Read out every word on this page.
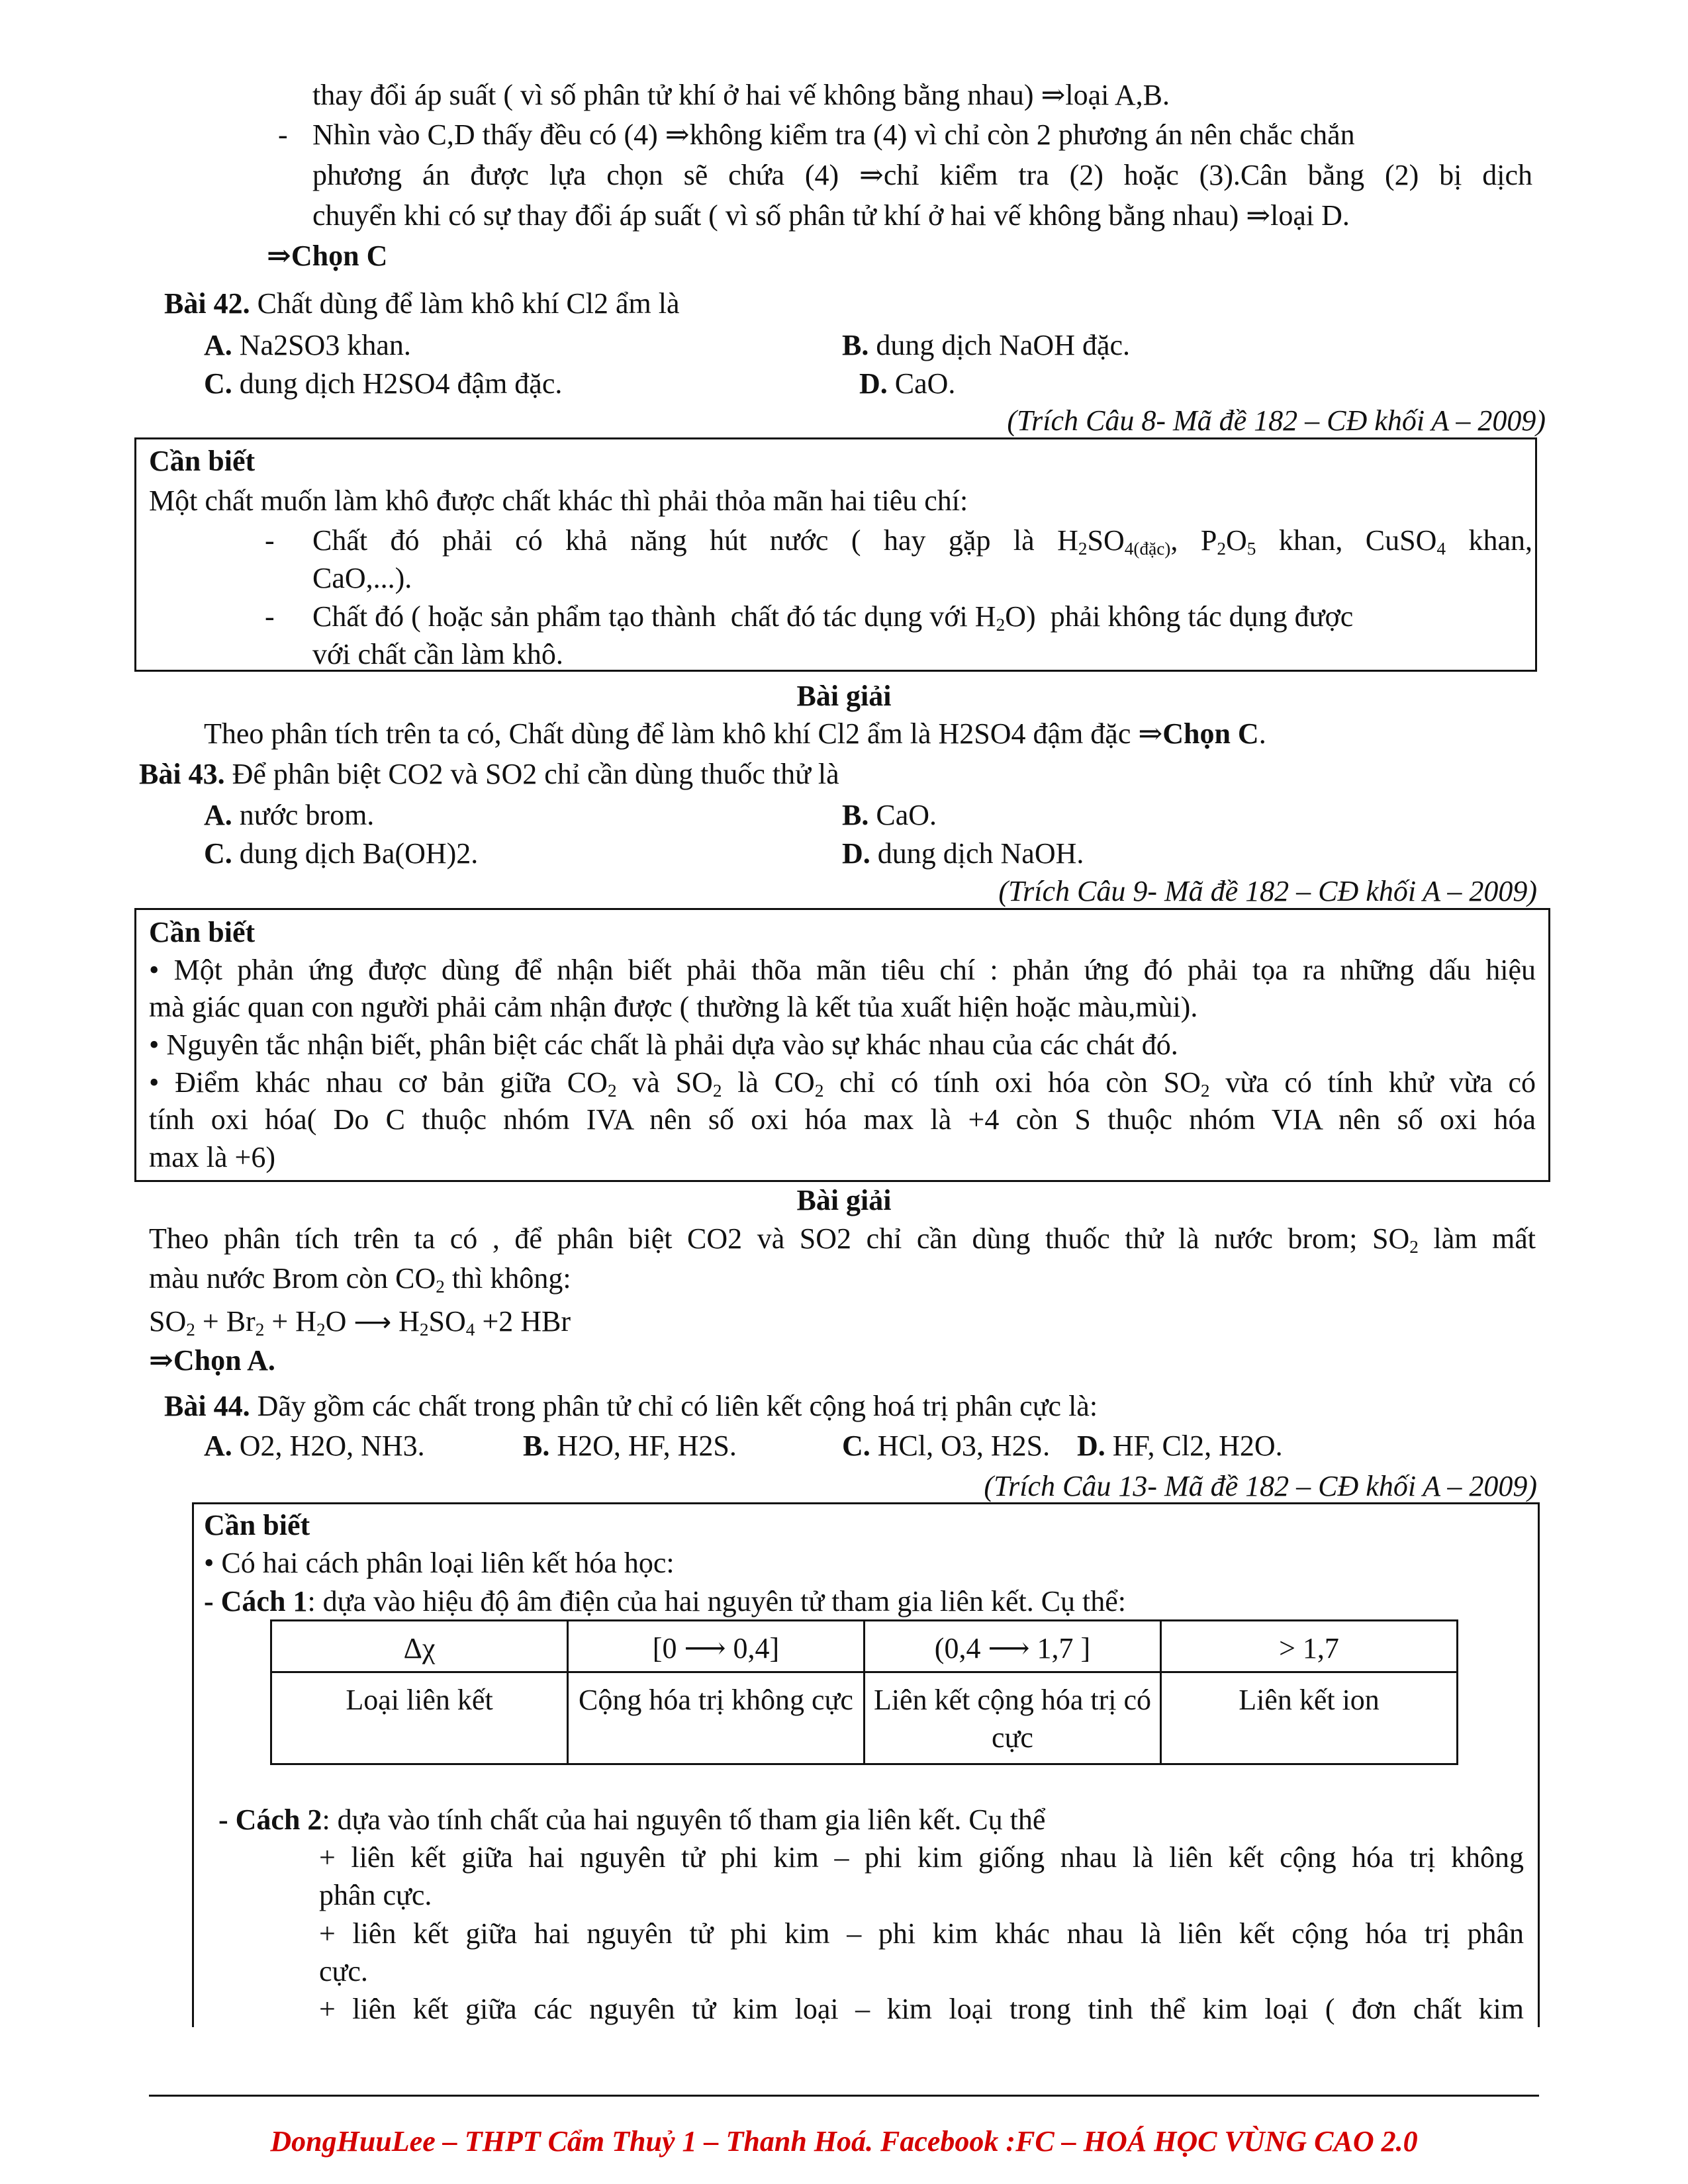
thay đổi áp suất ( vì số phân tử khí ở hai vế không bằng nhau) ⇒loại A,B.
- Nhìn vào C,D thấy đều có (4) ⇒không kiểm tra (4) vì chỉ còn 2 phương án nên chắc chắn
phương án được lựa chọn sẽ chứa (4) ⇒chỉ kiểm tra (2) hoặc (3).Cân bằng (2) bị dịch
chuyển khi có sự thay đổi áp suất ( vì số phân tử khí ở hai vế không bằng nhau) ⇒loại D.
⇒Chọn C
Bài 42. Chất dùng để làm khô khí Cl2 ẩm là
A. Na2SO3 khan.	B. dung dịch NaOH đặc.
C. dung dịch H2SO4 đậm đặc.	D. CaO.
(Trích Câu 8- Mã đề 182 – CĐ khối A – 2009)
Cần biết
Một chất muốn làm khô được chất khác thì phải thỏa mãn hai tiêu chí:
- Chất đó phải có khả năng hút nước ( hay gặp là $H_2SO_{4(đặc)}$, $P_2O_5$ khan, CuSO$_4$ khan,
CaO,...).
- Chất đó ( hoặc sản phẩm tạo thành  chất đó tác dụng với $H_2O$)  phải không tác dụng được
với chất cần làm khô.
Bài giải
Theo phân tích trên ta có, Chất dùng để làm khô khí Cl2 ẩm là H2SO4 đậm đặc ⇒Chọn C.
Bài 43. Để phân biệt CO2 và SO2 chỉ cần dùng thuốc thử là
A. nước brom.	B. CaO.
C. dung dịch Ba(OH)2.	D. dung dịch NaOH.
(Trích Câu 9- Mã đề 182 – CĐ khối A – 2009)
Cần biết
• Một phản ứng được dùng để nhận biết phải thõa mãn tiêu chí : phản ứng đó phải tọa ra những dấu hiệu
mà giác quan con người phải cảm nhận được ( thường là kết tủa xuất hiện hoặc màu,mùi).
• Nguyên tắc nhận biết, phân biệt các chất là phải dựa vào sự khác nhau của các chát đó.
• Điểm khác nhau cơ bản giữa $CO_2$ và $SO_2$ là $CO_2$ chỉ có tính oxi hóa còn $SO_2$ vừa có tính khử vừa có
tính oxi hóa( Do C thuộc nhóm IVA nên số oxi hóa max là +4 còn S thuộc nhóm VIA nên số oxi hóa
max là +6)
Bài giải
Theo phân tích trên ta có , để phân biệt CO2 và SO2 chỉ cần dùng thuốc thử là nước brom; $SO_2$ làm mất
màu nước Brom còn $CO_2$ thì không:
$SO_2 + Br_2 + H_2O$ ⟶ $H_2SO_4 +2$ HBr
⇒Chọn A.
Bài 44. Dãy gồm các chất trong phân tử chỉ có liên kết cộng hoá trị phân cực là:
A. O2, H2O, NH3.	B. H2O, HF, H2S.	C. HCl, O3, H2S. D. HF, Cl2, H2O.
(Trích Câu 13- Mã đề 182 – CĐ khối A – 2009)
Cần biết
• Có hai cách phân loại liên kết hóa học:
- Cách 1: dựa vào hiệu độ âm điện của hai nguyên tử tham gia liên kết. Cụ thể:
Δχ	[0 ⟶ 0,4]	(0,4 ⟶ 1,7 ]	> 1,7
Loại liên kết	Cộng hóa trị không cực	Liên kết cộng hóa trị có cực	Liên kết ion
- Cách 2: dựa vào tính chất của hai nguyên tố tham gia liên kết. Cụ thể
+ liên kết giữa hai nguyên tử phi kim – phi kim giống nhau là liên kết cộng hóa trị không
phân cực.
+ liên kết giữa hai nguyên tử phi kim – phi kim khác nhau là liên kết cộng hóa trị phân
cực.
+ liên kết giữa các nguyên tử kim loại – kim loại trong tinh thể kim loại ( đơn chất kim
DongHuuLee – THPT Cẩm Thuỷ 1 – Thanh Hoá. Facebook :FC – HOÁ HỌC VÙNG CAO 2.0
